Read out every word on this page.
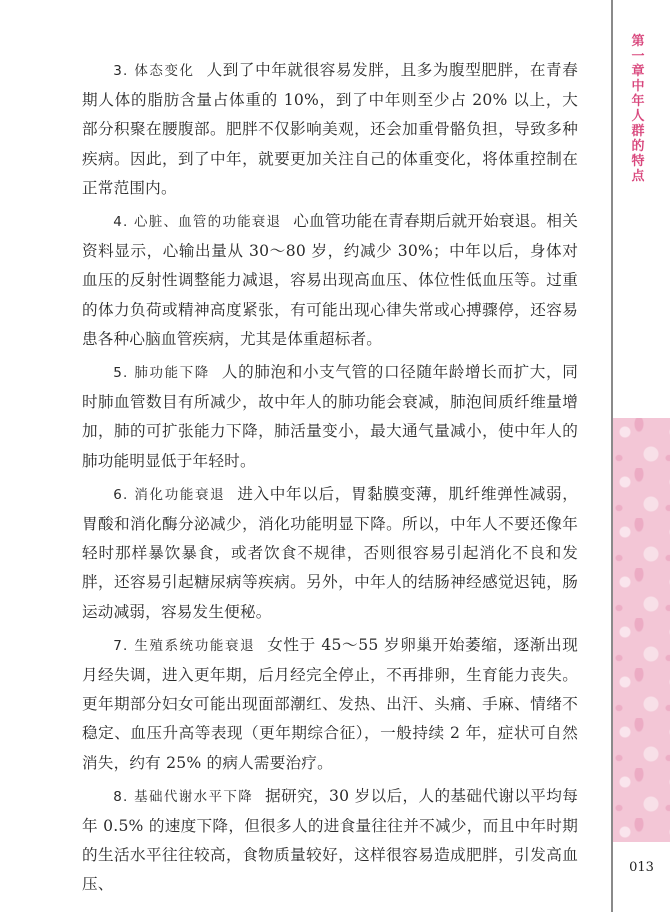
3. 体态变化 人到了中年就很容易发胖，且多为腹型肥胖，在青春期人体的脂肪含量占体重的 10%，到了中年则至少占 20% 以上，大部分积聚在腰腹部。肥胖不仅影响美观，还会加重骨骼负担，导致多种疾病。因此，到了中年，就要更加关注自己的体重变化，将体重控制在正常范围内。

4. 心脏、血管的功能衰退 心血管功能在青春期后就开始衰退。相关资料显示，心输出量从 30～80 岁，约减少 30%；中年以后，身体对血压的反射性调整能力减退，容易出现高血压、体位性低血压等。过重的体力负荷或精神高度紧张，有可能出现心律失常或心搏骤停，还容易患各种心脑血管疾病，尤其是体重超标者。

5. 肺功能下降 人的肺泡和小支气管的口径随年龄增长而扩大，同时肺血管数目有所减少，故中年人的肺功能会衰减，肺泡间质纤维量增加，肺的可扩张能力下降，肺活量变小，最大通气量减小，使中年人的肺功能明显低于年轻时。

6. 消化功能衰退 进入中年以后，胃黏膜变薄，肌纤维弹性减弱，胃酸和消化酶分泌减少，消化功能明显下降。所以，中年人不要还像年轻时那样暴饮暴食，或者饮食不规律，否则很容易引起消化不良和发胖，还容易引起糖尿病等疾病。另外，中年人的结肠神经感觉迟钝，肠运动减弱，容易发生便秘。

7. 生殖系统功能衰退 女性于 45～55 岁卵巢开始萎缩，逐渐出现月经失调，进入更年期，后月经完全停止，不再排卵，生育能力丧失。更年期部分妇女可能出现面部潮红、发热、出汗、头痛、手麻、情绪不稳定、血压升高等表现（更年期综合征），一般持续 2 年，症状可自然消失，约有 25% 的病人需要治疗。

8. 基础代谢水平下降 据研究，30 岁以后，人的基础代谢以平均每年 0.5% 的速度下降，但很多人的进食量往往并不减少，而且中年时期的生活水平往往较高，食物质量较好，这样很容易造成肥胖，引发高血压、

第一章 中年人群的特点
013
